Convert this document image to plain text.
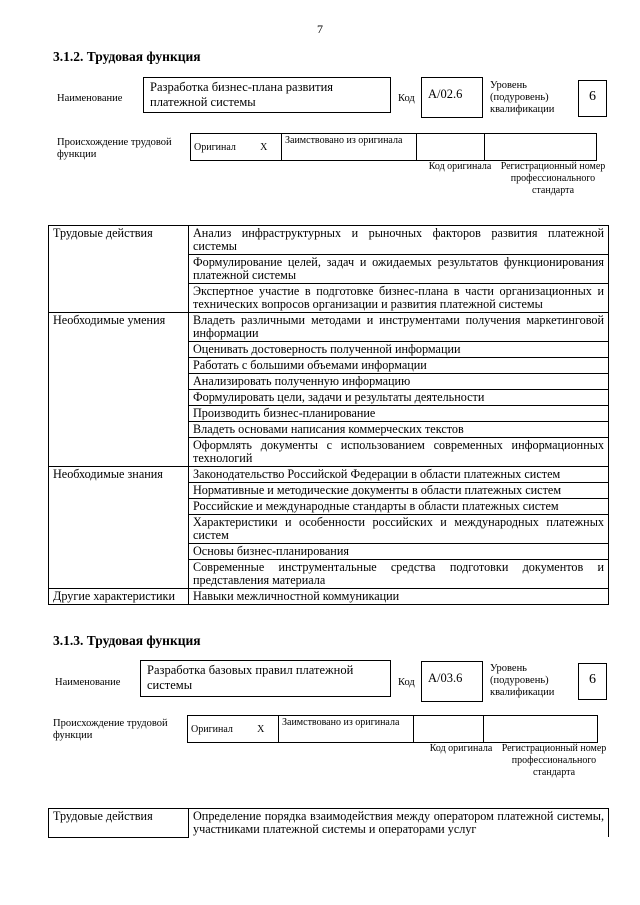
7
3.1.2. Трудовая функция
Наименование
Разработка бизнес-плана развития платежной системы	Код	A/02.6
Уровень (подуровень) квалификации
6
Происхождение трудовой функции
Оригинал	X	Заимствовано из оригинала		
Код оригинала Регистрационный номер профессионального стандарта
Трудовые действия	Анализ инфраструктурных и рыночных факторов развития платежной системы
	Формулирование целей, задач и ожидаемых результатов функционирования платежной системы
	Экспертное участие в подготовке бизнес-плана в части организационных и технических вопросов организации и развития платежной системы
Необходимые умения	Владеть различными методами и инструментами получения маркетинговой информации
	Оценивать достоверность полученной информации
	Работать с большими объемами информации
	Анализировать полученную информацию
	Формулировать цели, задачи и результаты деятельности
	Производить бизнес-планирование
	Владеть основами написания коммерческих текстов
	Оформлять документы с использованием современных информационных технологий
Необходимые знания	Законодательство Российской Федерации в области платежных систем
	Нормативные и методические документы в области платежных систем
	Российские и международные стандарты в области платежных систем
	Характеристики и особенности российских и международных платежных систем
	Основы бизнес-планирования
	Современные инструментальные средства подготовки документов и представления материала
Другие характеристики	Навыки межличностной коммуникации
3.1.3. Трудовая функция
Наименование
Разработка базовых правил платежной системы	Код	A/03.6
Уровень (подуровень) квалификации
6
Происхождение трудовой функции
Оригинал	X	Заимствовано из оригинала		
Код оригинала Регистрационный номер профессионального стандарта
Трудовые действия	Определение порядка взаимодействия между оператором платежной системы, участниками платежной системы и операторами услуг
